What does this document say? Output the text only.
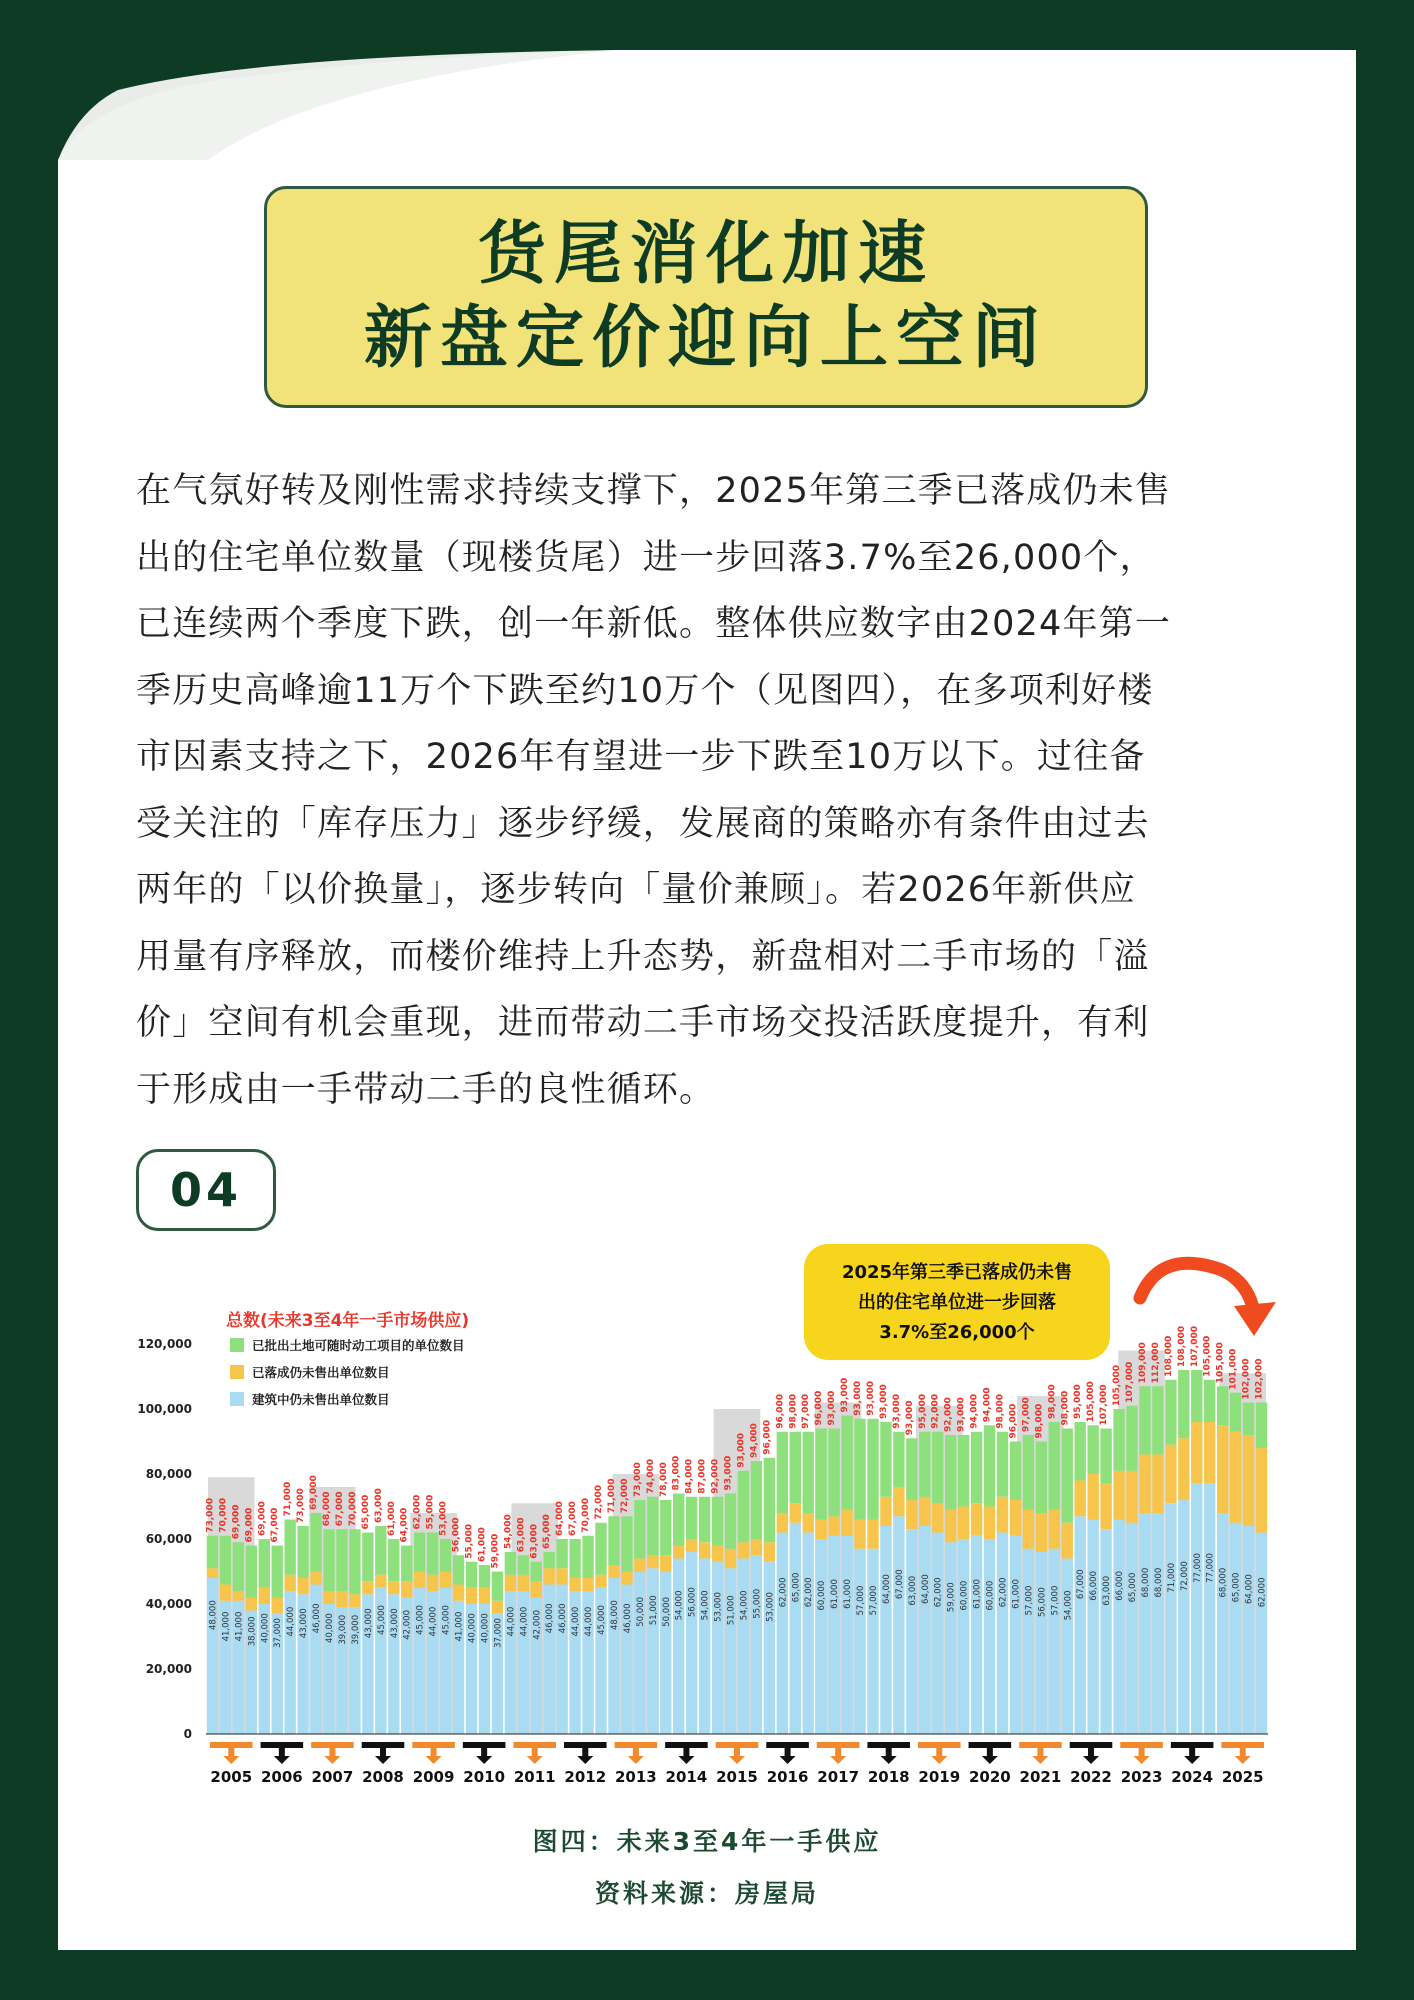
货尾消化加速
新盘定价迎向上空间

在气氛好转及刚性需求持续支撑下，2025年第三季已落成仍未售

出的住宅单位数量（现楼货尾）进一步回落3.7%至26,000个，

已连续两个季度下跌，创一年新低。整体供应数字由2024年第一

季历史高峰逾11万个下跌至约10万个（见图四），在多项利好楼

市因素支持之下，2026年有望进一步下跌至10万以下。过往备

受关注的「库存压力」逐步纾缓，发展商的策略亦有条件由过去

两年的「以价换量」，逐步转向「量价兼顾」。若2026年新供应

用量有序释放，而楼价维持上升态势，新盘相对二手市场的「溢

价」空间有机会重现，进而带动二手市场交投活跃度提升，有利

于形成由一手带动二手的良性循环。

04
0
20,000
40,000
60,000
80,000
100,000
120,000
73,000
48,000
70,000
41,000
69,000
41,000
69,000
38,000
69,000
40,000
67,000
37,000
71,000
44,000
73,000
43,000
69,000
46,000
68,000
40,000
67,000
39,000
70,000
39,000
65,000
43,000
63,000
45,000
61,000
43,000
64,000
42,000
62,000
45,000
55,000
44,000
53,000
45,000
56,000
41,000
55,000
40,000
61,000
40,000
59,000
37,000
54,000
44,000
63,000
44,000
63,000
42,000
65,000
46,000
64,000
46,000
67,000
44,000
70,000
44,000
72,000
45,000
71,000
48,000
72,000
46,000
73,000
50,000
74,000
51,000
78,000
50,000
83,000
54,000
84,000
56,000
87,000
54,000
92,000
53,000
93,000
51,000
93,000
54,000
94,000
55,000
96,000
53,000
96,000
62,000
98,000
65,000
97,000
62,000
96,000
60,000
93,000
61,000
93,000
61,000
93,000
57,000
93,000
57,000
93,000
64,000
93,000
67,000
93,000
63,000
95,000
64,000
92,000
62,000
92,000
59,000
93,000
60,000
94,000
61,000
94,000
60,000
98,000
62,000
96,000
61,000
97,000
57,000
98,000
56,000
98,000
57,000
98,000
54,000
95,000
67,000
105,000
66,000
107,000
63,000
105,000
66,000
107,000
65,000
109,000
68,000
112,000
68,000
108,000
71,000
108,000
72,000
107,000
77,000
105,000
77,000
105,000
68,000
101,000
65,000
102,000
64,000
102,000
62,000
2005 2006 2007 2008 2009 2010 2011 2012 2013 2014 2015 2016 2017 2018 2019 2020 2021 2022 2023 2024 2025
总数(未来3至4年一手市场供应)
已批出土地可随时动工项目的单位数目
已落成仍未售出单位数目
建筑中仍未售出单位数目
2025年第三季已落成仍未售
出的住宅单位进一步回落
3.7%至26,000个
图四：未来3至4年一手供应
资料来源：房屋局
